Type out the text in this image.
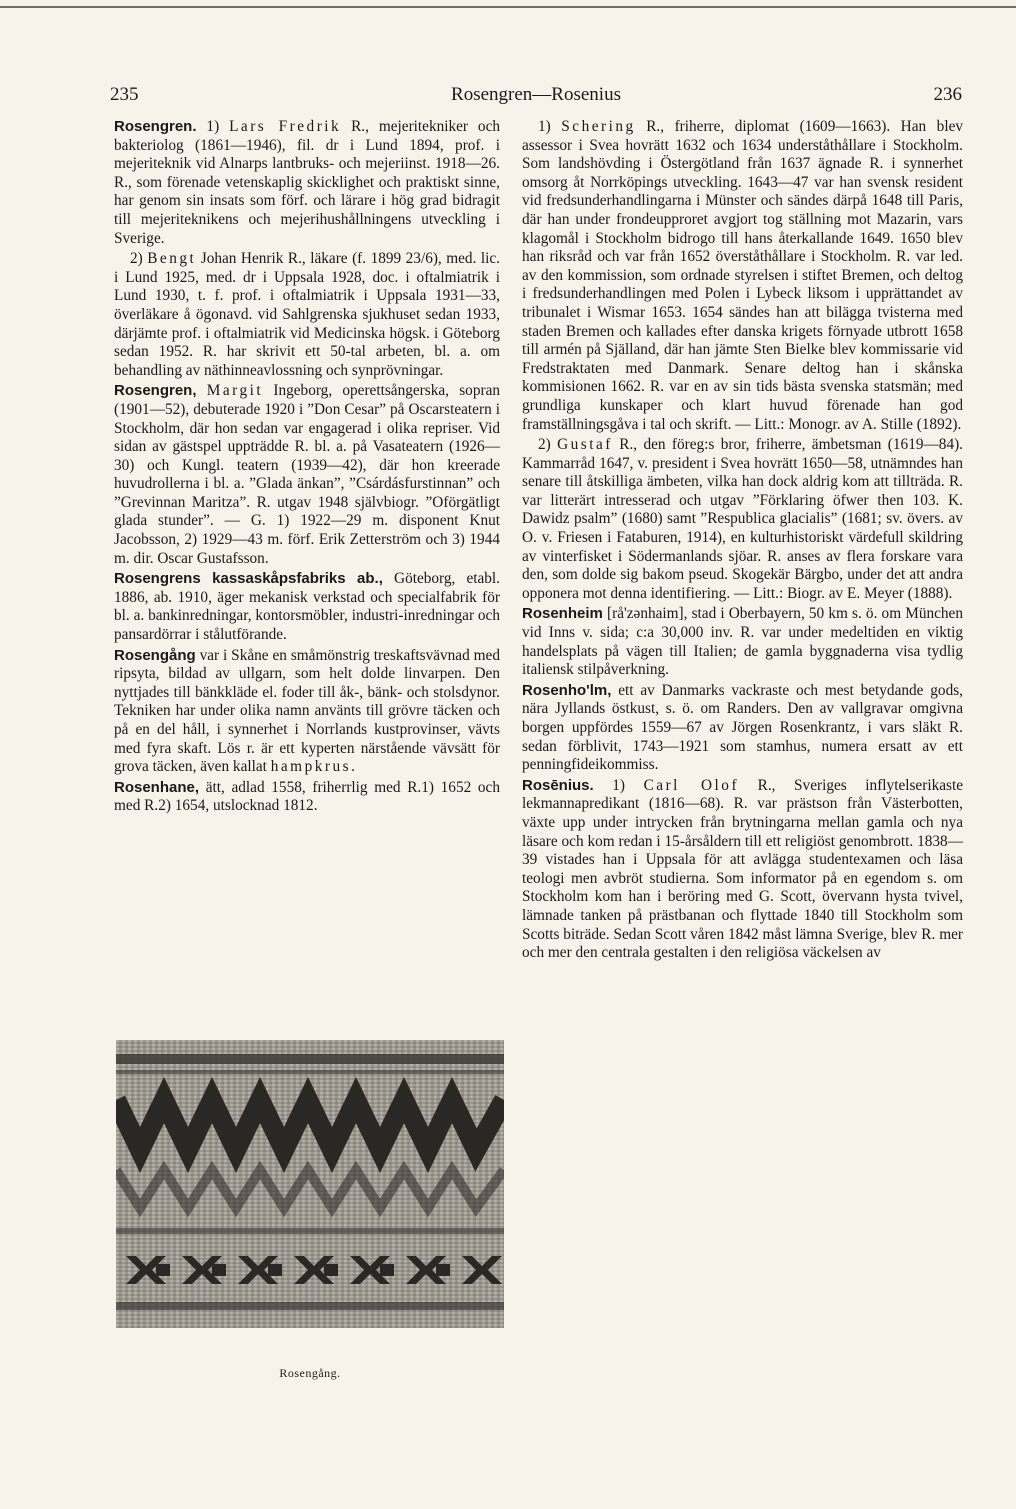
235	Rosengren—Rosenius	236

Rosengren. 1) Lars Fredrik R., mejeritekniker och bakteriolog (1861—1946), fil. dr i Lund 1894, prof. i mejeriteknik vid Alnarps lantbruks- och mejeriinst. 1918—26. R., som förenade vetenskaplig skicklighet och praktiskt sinne, har genom sin insats som förf. och lärare i hög grad bidragit till mejeriteknikens och mejerihushållningens utveckling i Sverige.

2) Bengt Johan Henrik R., läkare (f. 1899 23/6), med. lic. i Lund 1925, med. dr i Uppsala 1928, doc. i oftalmiatrik i Lund 1930, t. f. prof. i oftalmiatrik i Uppsala 1931—33, överläkare å ögonavd. vid Sahlgrenska sjukhuset sedan 1933, därjämte prof. i oftalmiatrik vid Medicinska högsk. i Göteborg sedan 1952. R. har skrivit ett 50-tal arbeten, bl. a. om behandling av näthinneavlossning och synprövningar.

Rosengren, Margit Ingeborg, operettsångerska, sopran (1901—52), debuterade 1920 i ”Don Cesar” på Oscarsteatern i Stockholm, där hon sedan var engagerad i olika repriser. Vid sidan av gästspel uppträdde R. bl. a. på Vasateatern (1926—30) och Kungl. teatern (1939—42), där hon kreerade huvudrollerna i bl. a. ”Glada änkan”, ”Csárdásfurstinnan” och ”Grevinnan Maritza”. R. utgav 1948 självbiogr. ”Oförgätligt glada stunder”. — G. 1) 1922—29 m. disponent Knut Jacobsson, 2) 1929—43 m. förf. Erik Zetterström och 3) 1944 m. dir. Oscar Gustafsson.

Rosengrens kassaskåpsfabriks ab., Göteborg, etabl. 1886, ab. 1910, äger mekanisk verkstad och specialfabrik för bl. a. bankinredningar, kontorsmöbler, industri-inredningar och pansardörrar i stålutförande.

Rosengång var i Skåne en småmönstrig treskaftsvävnad med ripsyta, bildad av ullgarn, som helt dolde linvarpen. Den nyttjades till bänkkläde el. foder till åk-, bänk- och stolsdynor. Tekniken har under olika namn använts till grövre täcken och på en del håll, i synnerhet i Norrlands kustprovinser, vävts med fyra skaft. Lös r. är ett kyperten närstående vävsätt för grova täcken, även kallat hampkrus.

Rosenhane, ätt, adlad 1558, friherrlig med R.1) 1652 och med R.2) 1654, utslocknad 1812.

Rosengång.

1) Schering R., friherre, diplomat (1609—1663). Han blev assessor i Svea hovrätt 1632 och 1634 underståthållare i Stockholm. Som landshövding i Östergötland från 1637 ägnade R. i synnerhet omsorg åt Norrköpings utveckling. 1643—47 var han svensk resident vid fredsunderhandlingarna i Münster och sändes därpå 1648 till Paris, där han under frondeupproret avgjort tog ställning mot Mazarin, vars klagomål i Stockholm bidrogo till hans återkallande 1649. 1650 blev han riksråd och var från 1652 överståthållare i Stockholm. R. var led. av den kommission, som ordnade styrelsen i stiftet Bremen, och deltog i fredsunderhandlingen med Polen i Lybeck liksom i upprättandet av tribunalet i Wismar 1653. 1654 sändes han att bilägga tvisterna med staden Bremen och kallades efter danska krigets förnyade utbrott 1658 till armén på Själland, där han jämte Sten Bielke blev kommissarie vid Fredstraktaten med Danmark. Senare deltog han i skånska kommisionen 1662. R. var en av sin tids bästa svenska statsmän; med grundliga kunskaper och klart huvud förenade han god framställningsgåva i tal och skrift. — Litt.: Monogr. av A. Stille (1892).

2) Gustaf R., den föreg:s bror, friherre, ämbetsman (1619—84). Kammarråd 1647, v. president i Svea hovrätt 1650—58, utnämndes han senare till åtskilliga ämbeten, vilka han dock aldrig kom att tillträda. R. var litterärt intresserad och utgav ”Förklaring öfwer then 103. K. Dawidz psalm” (1680) samt ”Respublica glacialis” (1681; sv. övers. av O. v. Friesen i Fataburen, 1914), en kulturhistoriskt värdefull skildring av vinterfisket i Södermanlands sjöar. R. anses av flera forskare vara den, som dolde sig bakom pseud. Skogekär Bärgbo, under det att andra opponera mot denna identifiering. — Litt.: Biogr. av E. Meyer (1888).

Rosenheim [rå'zənhaim], stad i Oberbayern, 50 km s. ö. om München vid Inns v. sida; c:a 30,000 inv. R. var under medeltiden en viktig handelsplats på vägen till Italien; de gamla byggnaderna visa tydlig italiensk stilpåverkning.

Rosenho'lm, ett av Danmarks vackraste och mest betydande gods, nära Jyllands östkust, s. ö. om Randers. Den av vallgravar omgivna borgen uppfördes 1559—67 av Jörgen Rosenkrantz, i vars släkt R. sedan förblivit, 1743—1921 som stamhus, numera ersatt av ett penningfideikommiss.

Rosēnius. 1) Carl Olof R., Sveriges inflytelserikaste lekmannapredikant (1816—68). R. var prästson från Västerbotten, växte upp under intrycken från brytningarna mellan gamla och nya läsare och kom redan i 15-årsåldern till ett religiöst genombrott. 1838—39 vistades han i Uppsala för att avlägga studentexamen och läsa teologi men avbröt studierna. Som informator på en egendom s. om Stockholm kom han i beröring med G. Scott, övervann hysta tvivel, lämnade tanken på prästbanan och flyttade 1840 till Stockholm som Scotts biträde. Sedan Scott våren 1842 måst lämna Sverige, blev R. mer och mer den centrala gestalten i den religiösa väckelsen av
